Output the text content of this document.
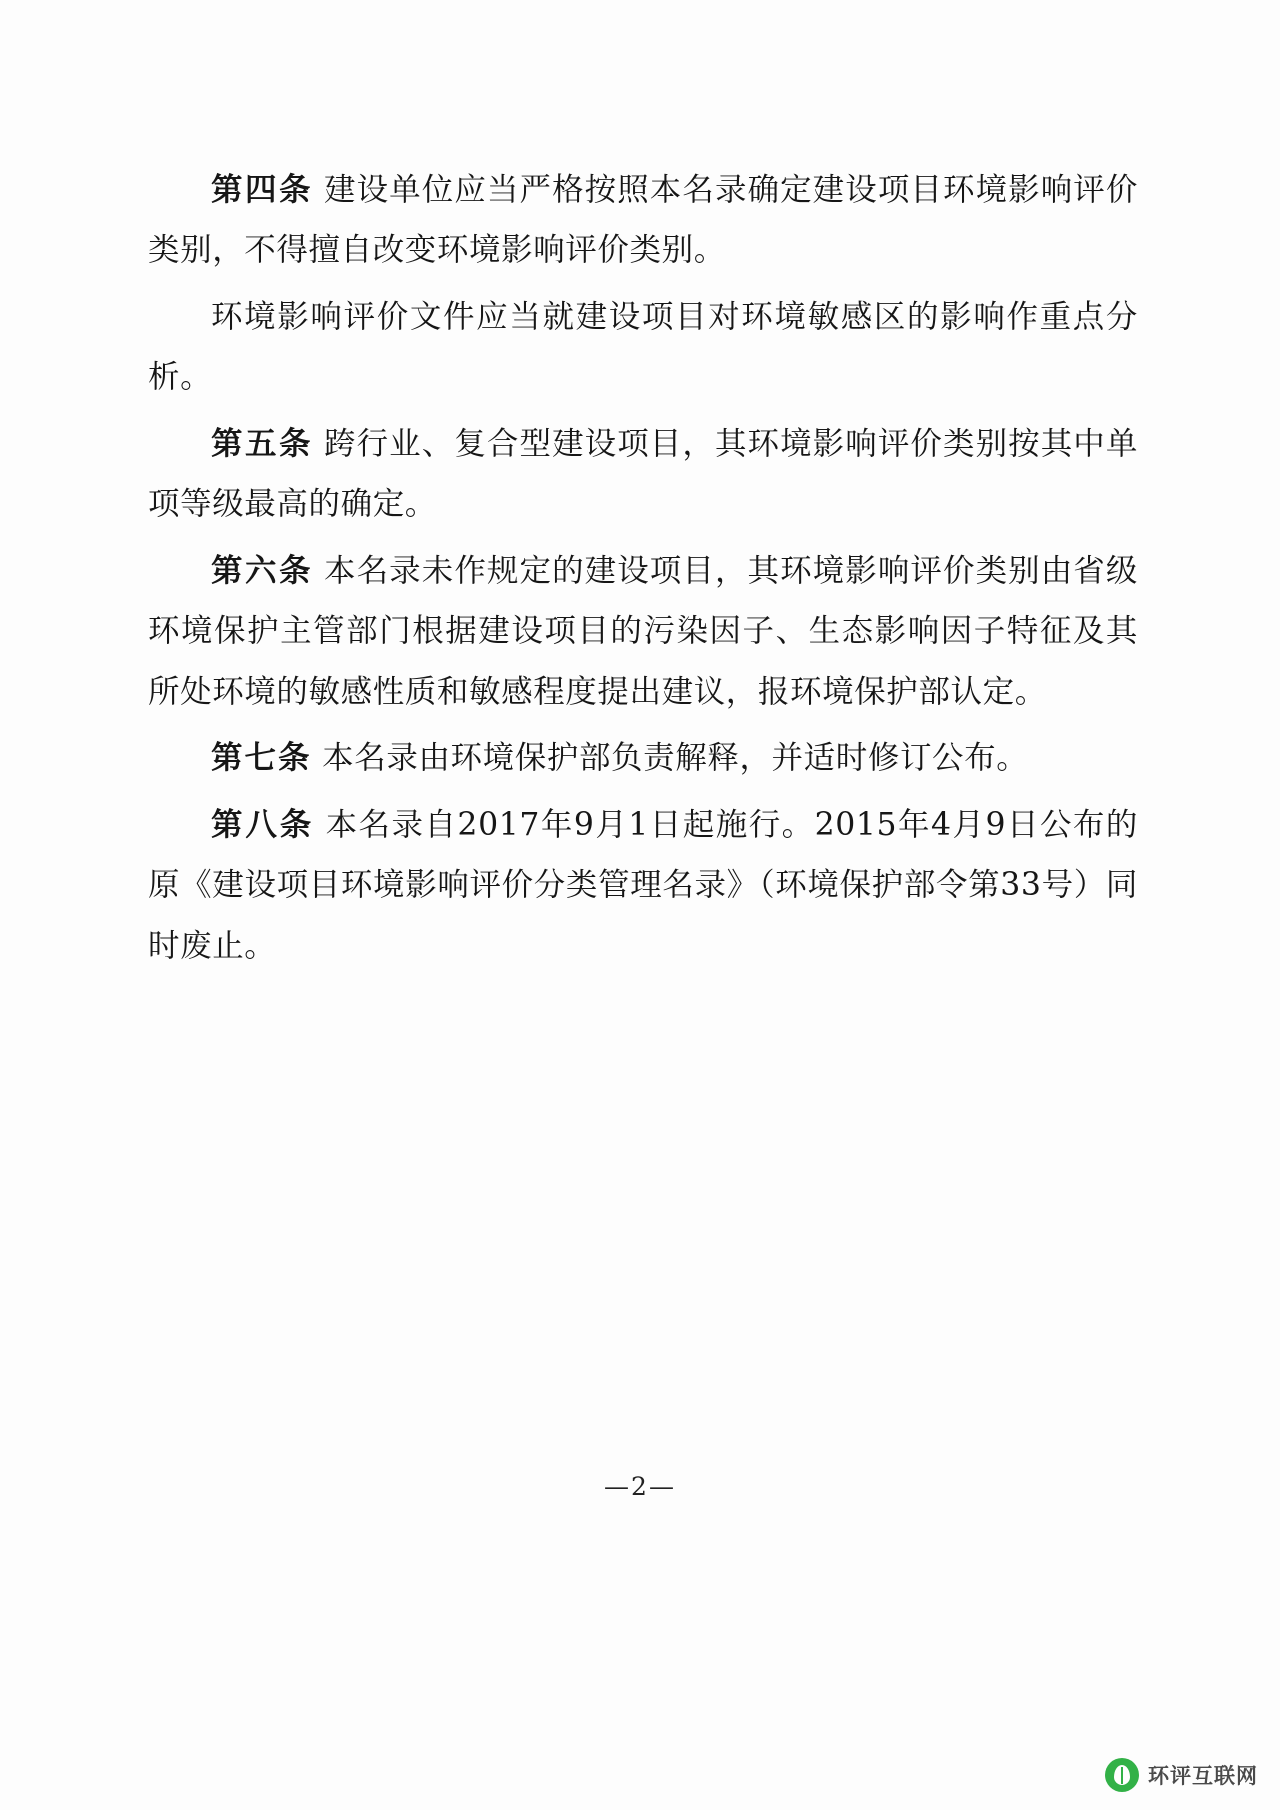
第四条 建设单位应当严格按照本名录确定建设项目环境影响评价类别，不得擅自改变环境影响评价类别。

环境影响评价文件应当就建设项目对环境敏感区的影响作重点分析。

第五条 跨行业、复合型建设项目，其环境影响评价类别按其中单项等级最高的确定。

第六条 本名录未作规定的建设项目，其环境影响评价类别由省级环境保护主管部门根据建设项目的污染因子、生态影响因子特征及其所处环境的敏感性质和敏感程度提出建议，报环境保护部认定。

第七条 本名录由环境保护部负责解释，并适时修订公布。

第八条 本名录自2017年9月1日起施行。2015年4月9日公布的原《建设项目环境影响评价分类管理名录》（环境保护部令第33号）同时废止。

—2—
环评互联网
